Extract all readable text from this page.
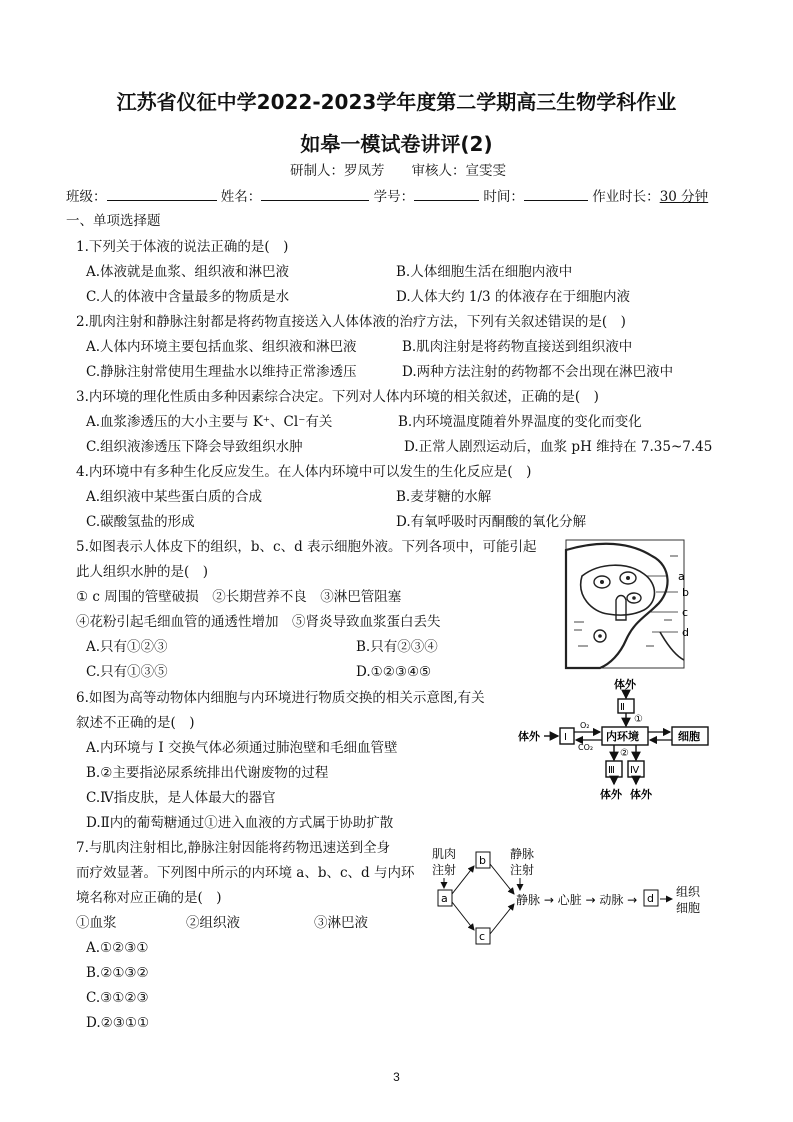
江苏省仪征中学2022-2023学年度第二学期高三生物学科作业
如皋一模试卷讲评(2)
研制人：罗凤芳　　审核人：宣雯雯
班级：	姓名：	学号：	时间：	作业时长：30 分钟
一、单项选择题
1.下列关于体液的说法正确的是(　)
A.体液就是血浆、组织液和淋巴液	B.人体细胞生活在细胞内液中
C.人的体液中含量最多的物质是水	D.人体大约 1/3 的体液存在于细胞内液
2.肌肉注射和静脉注射都是将药物直接送入人体体液的治疗方法，下列有关叙述错误的是(　)
A.人体内环境主要包括血浆、组织液和淋巴液	B.肌肉注射是将药物直接送到组织液中
C.静脉注射常使用生理盐水以维持正常渗透压	D.两种方法注射的药物都不会出现在淋巴液中
3.内环境的理化性质由多种因素综合决定。下列对人体内环境的相关叙述，正确的是(　)
A.血浆渗透压的大小主要与 K⁺、Cl⁻有关	B.内环境温度随着外界温度的变化而变化
C.组织液渗透压下降会导致组织水肿	D.正常人剧烈运动后，血浆 pH 维持在 7.35~7.45
4.内环境中有多种生化反应发生。在人体内环境中可以发生的生化反应是(　)
A.组织液中某些蛋白质的合成	B.麦芽糖的水解
C.碳酸氢盐的形成	D.有氧呼吸时丙酮酸的氧化分解
5.如图表示人体皮下的组织，b、c、d 表示细胞外液。下列各项中，可能引起
此人组织水肿的是(　)
① c 周围的管壁破损　②长期营养不良　③淋巴管阻塞
④花粉引起毛细血管的通透性增加　⑤肾炎导致血浆蛋白丢失
A.只有①②③	B.只有②③④
C.只有①③⑤	D.①②③④⑤
a
b
c
d
6.如图为高等动物体内细胞与内环境进行物质交换的相关示意图,有关
叙述不正确的是(　)
A.内环境与 I 交换气体必须通过肺泡壁和毛细血管壁
B.②主要指泌尿系统排出代谢废物的过程
C.Ⅳ指皮肤，是人体最大的器官
D.Ⅱ内的葡萄糖通过①进入血液的方式属于协助扩散
体外
Ⅱ
①
体外 I
O₂
CO₂
内环境	细胞
②
Ⅲ Ⅳ
体外 体外
7.与肌肉注射相比,静脉注射因能将药物迅速送到全身
而疗效显著。下列图中所示的内环境 a、b、c、d 与内环
境名称对应正确的是(　)
①血浆	②组织液	③淋巴液
A.①②③①
B.②①③②
C.③①②③
D.②③①①
肌肉
注射
a
b
c
静脉
注射
静脉 → 心脏 → 动脉 → d 组织
细胞
3
